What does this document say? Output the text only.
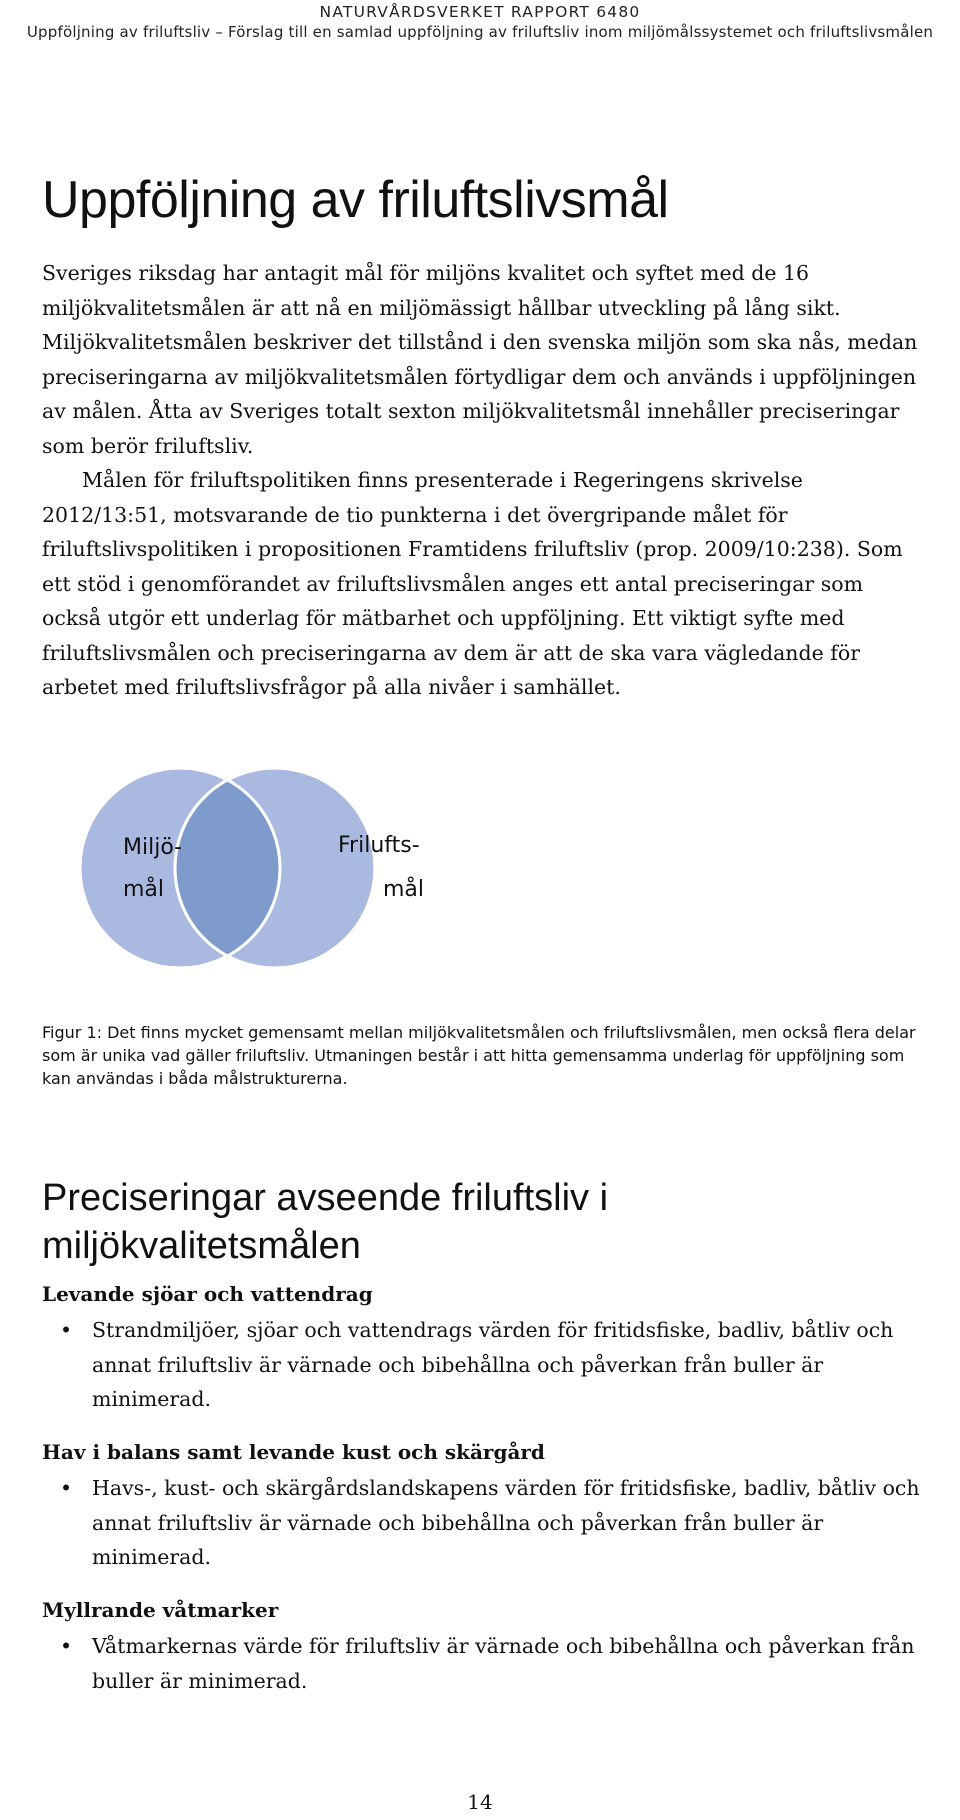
NATURVÅRDSVERKET RAPPORT 6480
Uppföljning av friluftsliv – Förslag till en samlad uppföljning av friluftsliv inom miljömålssystemet och friluftslivsmålen
Uppföljning av friluftslivsmål

Sveriges riksdag har antagit mål för miljöns kvalitet och syftet med de 16 miljökvalitetsmålen är att nå en miljömässigt hållbar utveckling på lång sikt. Miljökvalitetsmålen beskriver det tillstånd i den svenska miljön som ska nås, medan preciseringarna av miljökvalitetsmålen förtydligar dem och används i uppföljningen av målen. Åtta av Sveriges totalt sexton miljökvalitetsmål innehåller preciseringar som berör friluftsliv.

Målen för friluftspolitiken finns presenterade i Regeringens skrivelse 2012/13:51, motsvarande de tio punkterna i det övergripande målet för friluftslivspolitiken i propositionen Framtidens friluftsliv (prop. 2009/10:238). Som ett stöd i genomförandet av friluftslivsmålen anges ett antal preciseringar som också utgör ett underlag för mätbarhet och uppföljning. Ett viktigt syfte med friluftslivsmålen och preciseringarna av dem är att de ska vara vägledande för arbetet med friluftslivsfrågor på alla nivåer i samhället.

Miljö-
mål
Frilufts-
mål

Figur 1: Det finns mycket gemensamt mellan miljökvalitetsmålen och friluftslivsmålen, men också flera delar som är unika vad gäller friluftsliv. Utmaningen består i att hitta gemensamma underlag för uppföljning som kan användas i båda målstrukturerna.

Preciseringar avseende friluftsliv i miljökvalitetsmålen

Levande sjöar och vattendrag

• Strandmiljöer, sjöar och vattendrags värden för fritidsfiske, badliv, båtliv och annat friluftsliv är värnade och bibehållna och påverkan från buller är minimerad.

Hav i balans samt levande kust och skärgård

• Havs-, kust- och skärgårdslandskapens värden för fritidsfiske, badliv, båtliv och annat friluftsliv är värnade och bibehållna och påverkan från buller är minimerad.

Myllrande våtmarker

• Våtmarkernas värde för friluftsliv är värnade och bibehållna och påverkan från buller är minimerad.

14
